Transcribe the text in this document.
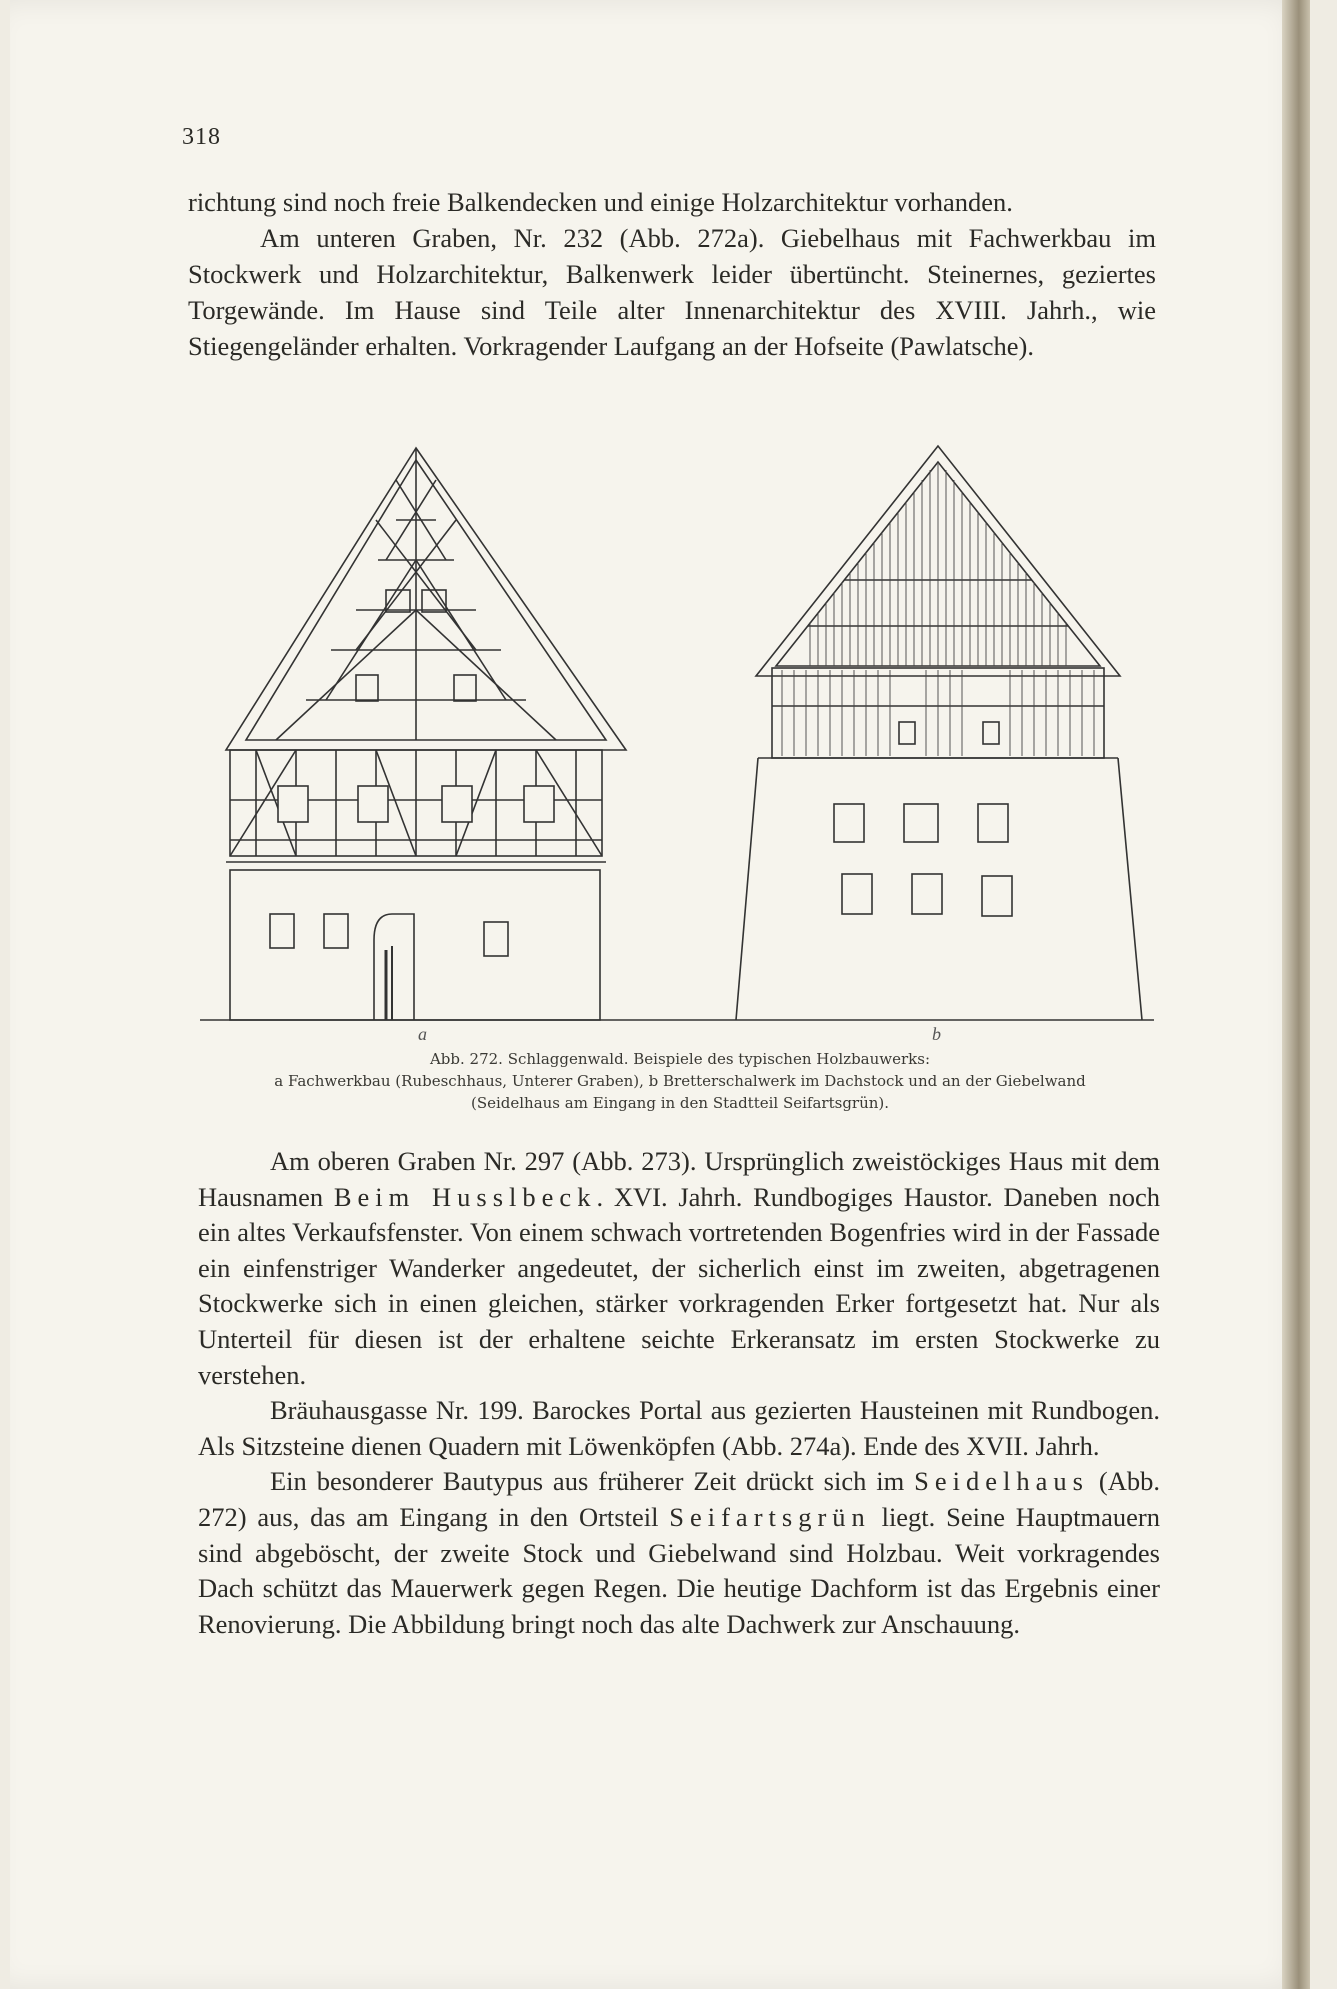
318

richtung sind noch freie Balkendecken und einige Holzarchitektur vorhanden.

Am unteren Graben, Nr. 232 (Abb. 272a). Giebelhaus mit Fachwerkbau im Stockwerk und Holzarchitektur, Balkenwerk leider übertüncht. Steinernes, geziertes Torgewände. Im Hause sind Teile alter Innenarchitektur des XVIII. Jahrh., wie Stiegengeländer erhalten. Vorkragender Laufgang an der Hofseite (Pawlatsche).

a	b
Abb. 272. Schlaggenwald. Beispiele des typischen Holzbauwerks:
a Fachwerkbau (Rubeschhaus, Unterer Graben), b Bretterschalwerk im Dachstock und an der Giebelwand
(Seidelhaus am Eingang in den Stadtteil Seifartsgrün).

Am oberen Graben Nr. 297 (Abb. 273). Ursprünglich zweistöckiges Haus mit dem Hausnamen Beim Husslbeck. XVI. Jahrh. Rundbogiges Haustor. Daneben noch ein altes Verkaufsfenster. Von einem schwach vortretenden Bogenfries wird in der Fassade ein einfenstriger Wanderker angedeutet, der sicherlich einst im zweiten, abgetragenen Stockwerke sich in einen gleichen, stärker vorkragenden Erker fortgesetzt hat. Nur als Unterteil für diesen ist der erhaltene seichte Erkeransatz im ersten Stockwerke zu verstehen.

Bräuhausgasse Nr. 199. Barockes Portal aus gezierten Hausteinen mit Rundbogen. Als Sitzsteine dienen Quadern mit Löwenköpfen (Abb. 274a). Ende des XVII. Jahrh.

Ein besonderer Bautypus aus früherer Zeit drückt sich im Seidelhaus (Abb. 272) aus, das am Eingang in den Ortsteil Seifartsgrün liegt. Seine Hauptmauern sind abgeböscht, der zweite Stock und Giebelwand sind Holzbau. Weit vorkragendes Dach schützt das Mauerwerk gegen Regen. Die heutige Dachform ist das Ergebnis einer Renovierung. Die Abbildung bringt noch das alte Dachwerk zur Anschauung.
